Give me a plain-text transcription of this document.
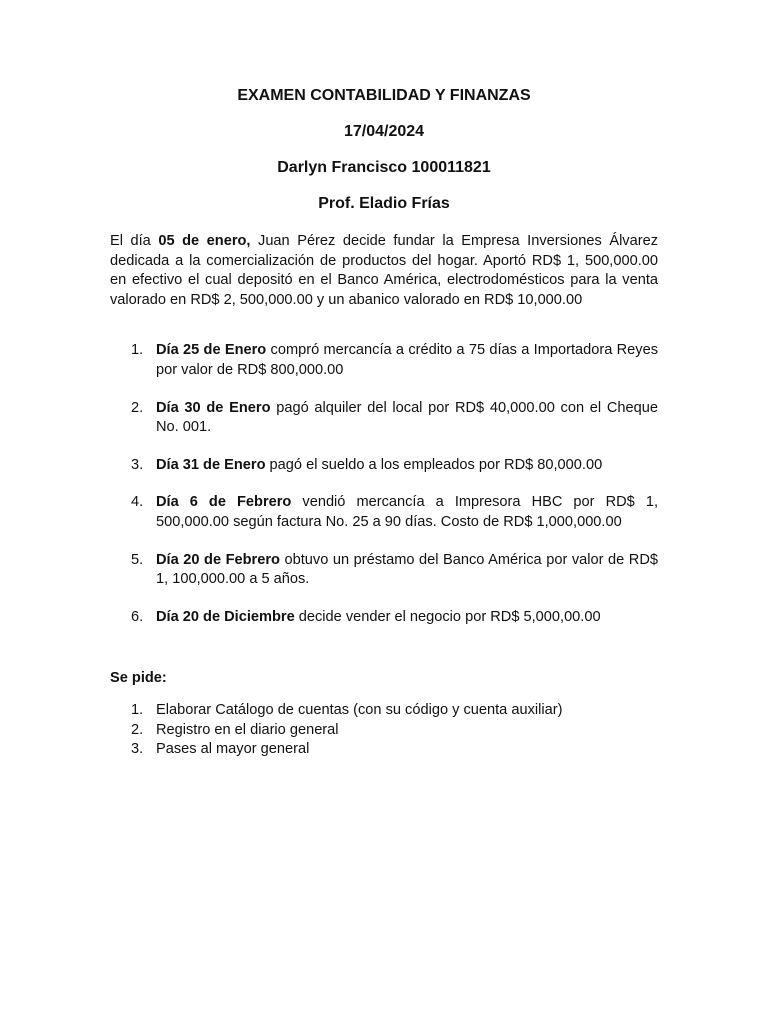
EXAMEN CONTABILIDAD Y FINANZAS

17/04/2024

Darlyn Francisco 100011821

Prof. Eladio Frías

El día 05 de enero, Juan Pérez decide fundar la Empresa Inversiones Álvarez dedicada a la comercialización de productos del hogar. Aportó RD$ 1, 500,000.00 en efectivo el cual depositó en el Banco América, electrodomésticos para la venta valorado en RD$ 2, 500,000.00 y un abanico valorado en RD$ 10,000.00

1. Día 25 de Enero compró mercancía a crédito a 75 días a Importadora Reyes por valor de RD$ 800,000.00
2. Día 30 de Enero pagó alquiler del local por RD$ 40,000.00 con el Cheque No. 001.
3. Día 31 de Enero pagó el sueldo a los empleados por RD$ 80,000.00
4. Día 6 de Febrero vendió mercancía a Impresora HBC por RD$ 1, 500,000.00 según factura No. 25 a 90 días. Costo de RD$ 1,000,000.00
5. Día 20 de Febrero obtuvo un préstamo del Banco América por valor de RD$ 1, 100,000.00 a 5 años.
6. Día 20 de Diciembre decide vender el negocio por RD$ 5,000,00.00

Se pide:

1. Elaborar Catálogo de cuentas (con su código y cuenta auxiliar)
2. Registro en el diario general
3. Pases al mayor general
